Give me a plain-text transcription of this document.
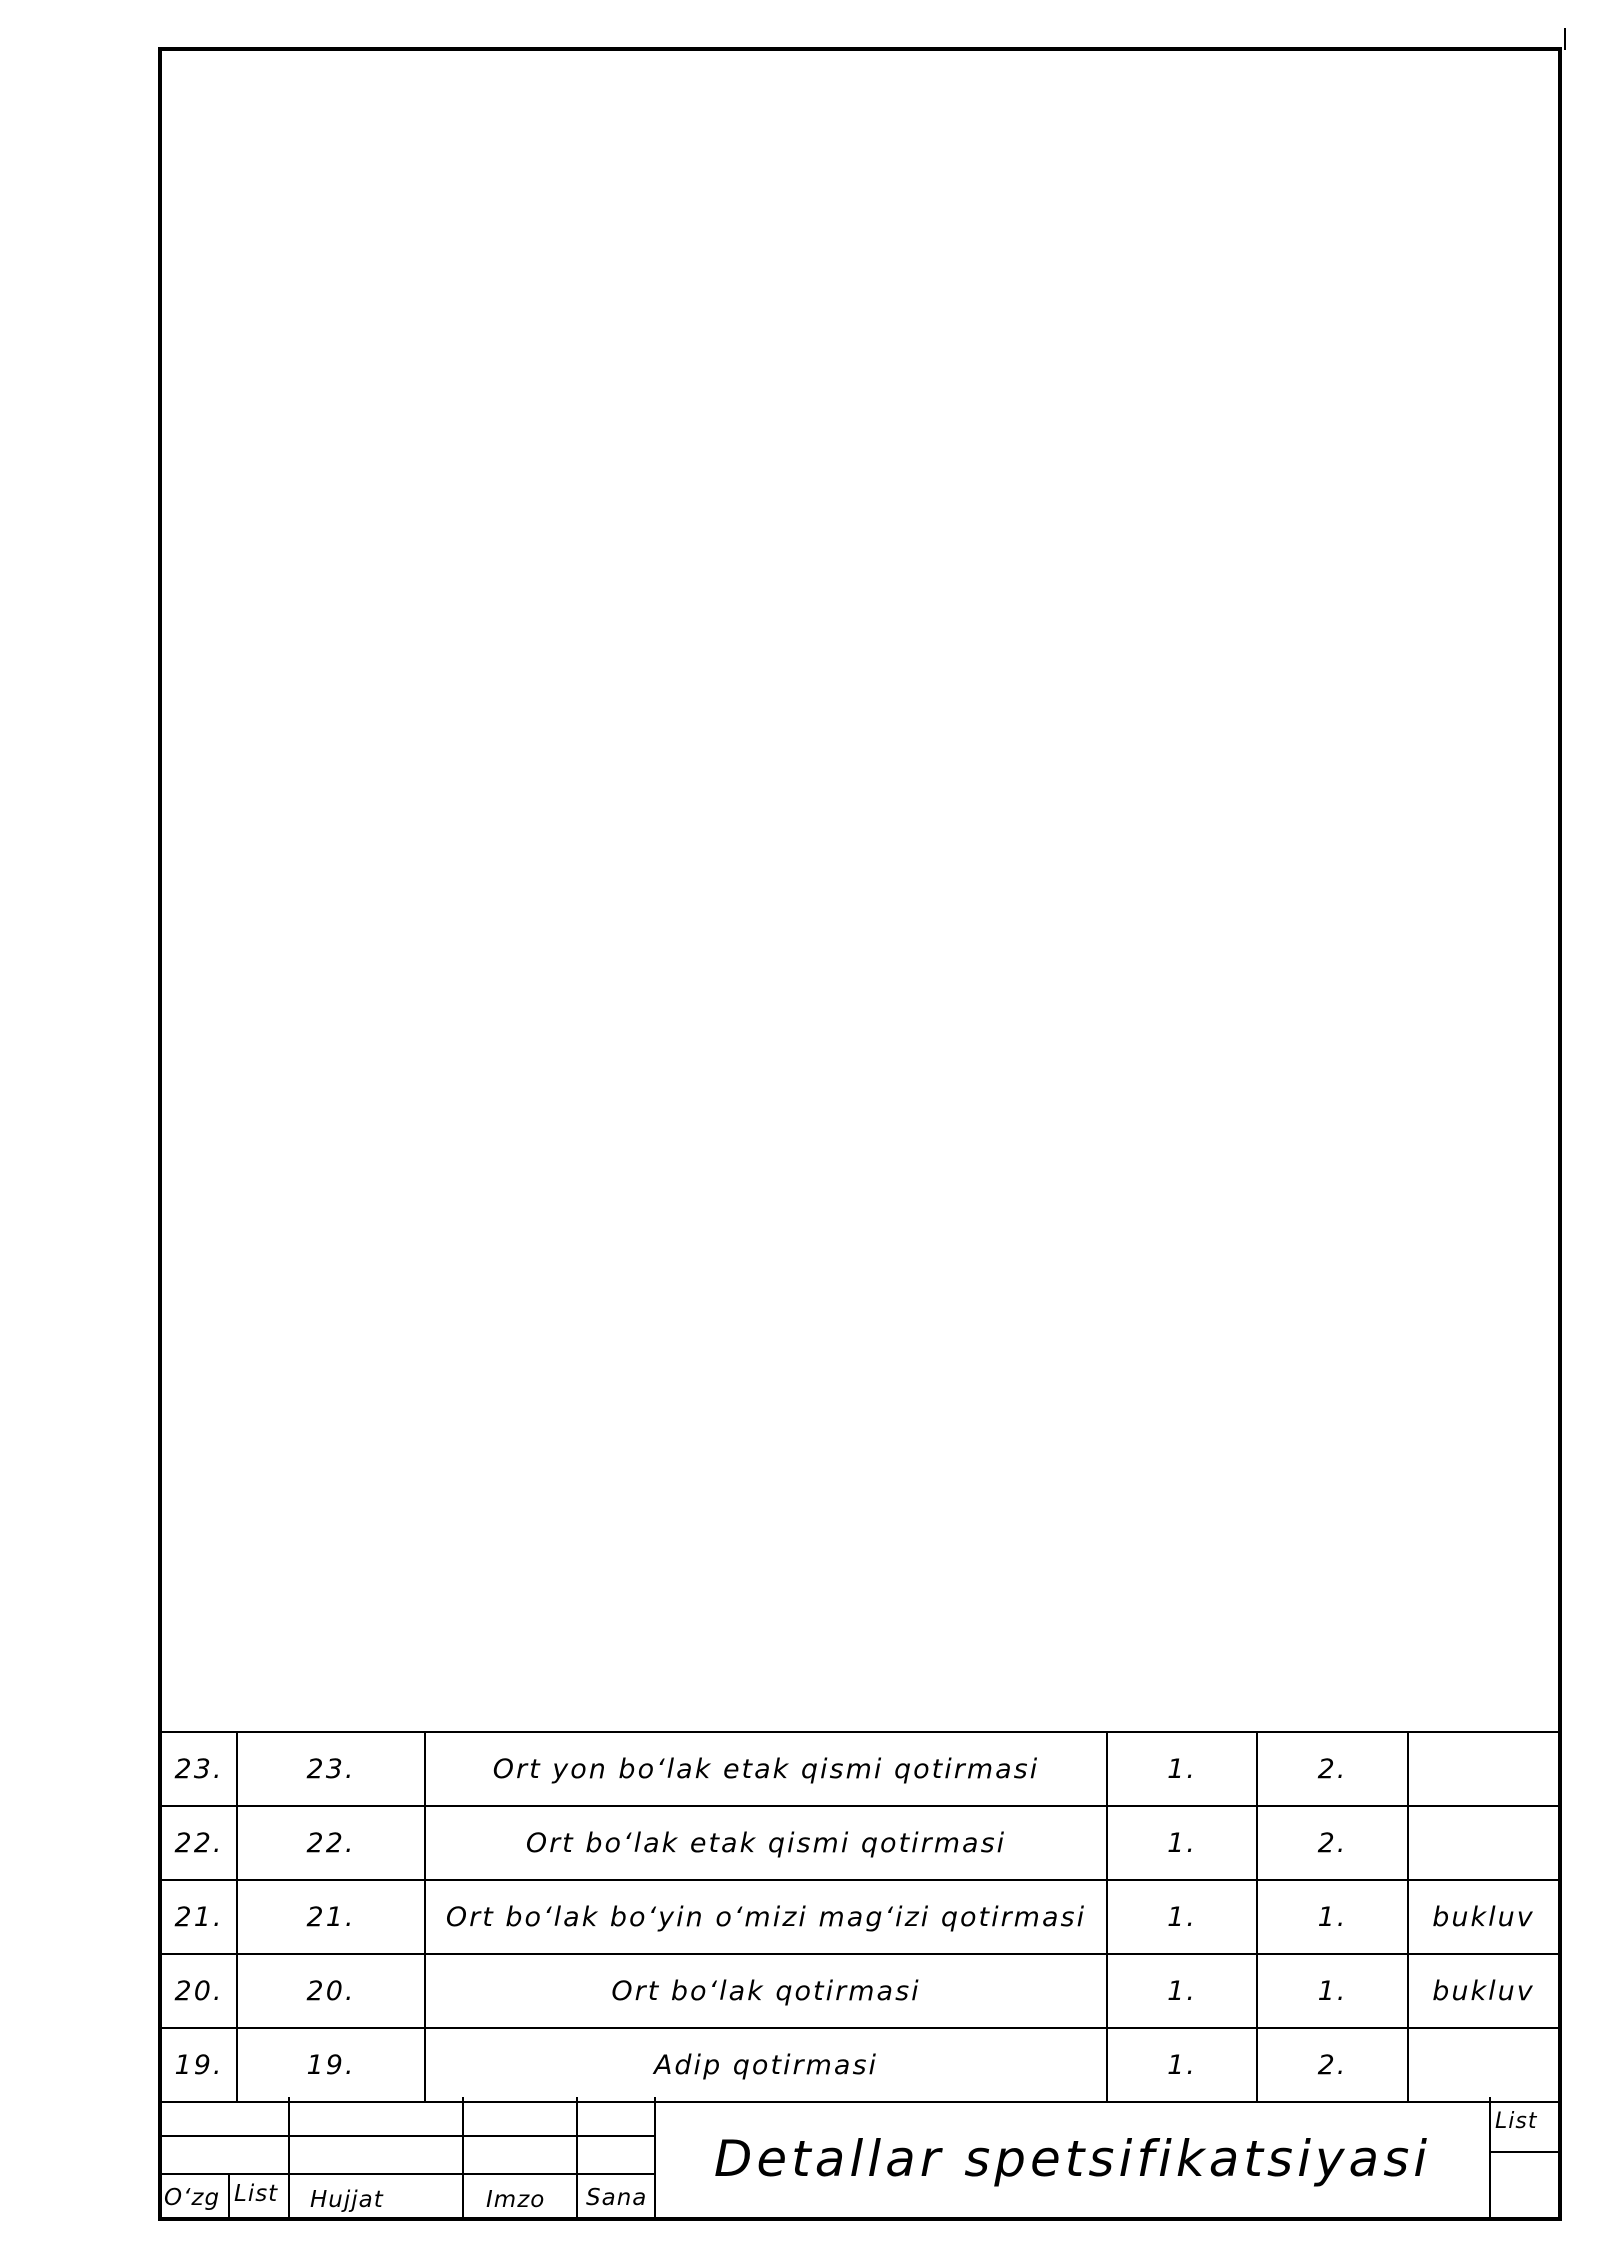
23.	23.	Ort yon bo‘lak etak qismi qotirmasi	1.	2.
22.	22.	Ort bo‘lak etak qismi qotirmasi	1.	2.
21.	21.	Ort bo‘lak bo‘yin o‘mizi mag‘izi qotirmasi	1.	1.	bukluv
20.	20.	Ort bo‘lak qotirmasi	1.	1.	bukluv
19.	19.	Adip qotirmasi	1.	2.
O‘zg List Hujjat	Imzo Sana
Detallar spetsifikatsiyasi
List
